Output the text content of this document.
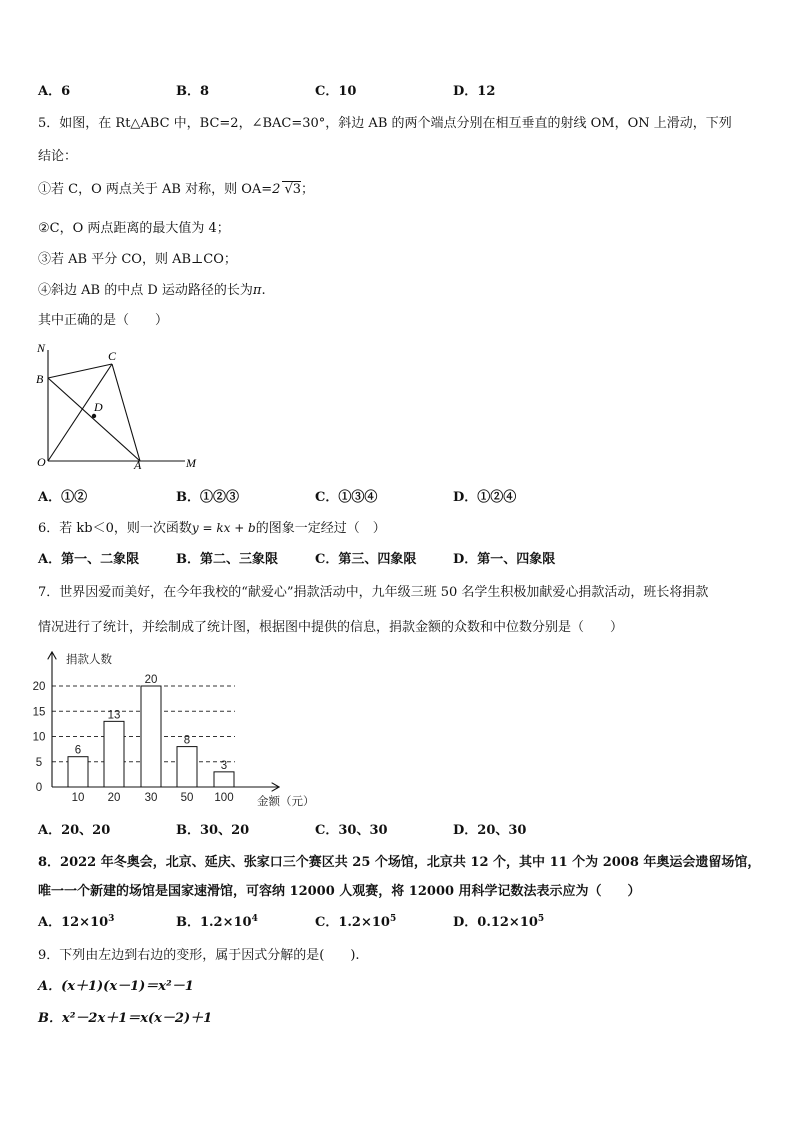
A．6	B．8	C．10	D．12
5．如图，在 Rt△ABC 中，BC=2，∠BAC=30°，斜边 AB 的两个端点分别在相互垂直的射线 OM，ON 上滑动，下列
结论：
①若 C，O 两点关于 AB 对称，则 OA=2 √3；
②C，O 两点距离的最大值为 4；
③若 AB 平分 CO，则 AB⊥CO；
④斜边 AB 的中点 D 运动路径的长为π.
其中正确的是（　　）
N
C
B
D
O	A	M
A．①②	B．①②③	C．①③④	D．①②④
6．若 kb＜0，则一次函数y = kx + b的图象一定经过（　）
A．第一、二象限	B．第二、三象限	C．第三、四象限	D．第一、四象限
7．世界因爱而美好，在今年我校的“献爱心”捐款活动中，九年级三班 50 名学生积极加献爱心捐款活动，班长将捐款
情况进行了统计，并绘制成了统计图，根据图中提供的信息，捐款金额的众数和中位数分别是（　　）
捐款人数
金额（元）
0
5
10
15
20
6
10
13
20
20
30
8
50
3
100
A．20、20	B．30、20	C．30、30	D．20、30
8．2022 年冬奥会，北京、延庆、张家口三个赛区共 25 个场馆，北京共 12 个，其中 11 个为 2008 年奥运会遗留场馆，
唯一一个新建的场馆是国家速滑馆，可容纳 12000 人观赛，将 12000 用科学记数法表示应为（　　）
A．$12\times 10^3$	B．$1.2\times 10^4$	C．$1.2\times 10^5$	D．$0.12\times 10^5$
9．下列由左边到右边的变形，属于因式分解的是(　　).
A．(x＋1)(x－1)＝x²－1
B．x²－2x＋1＝x(x－2)＋1
